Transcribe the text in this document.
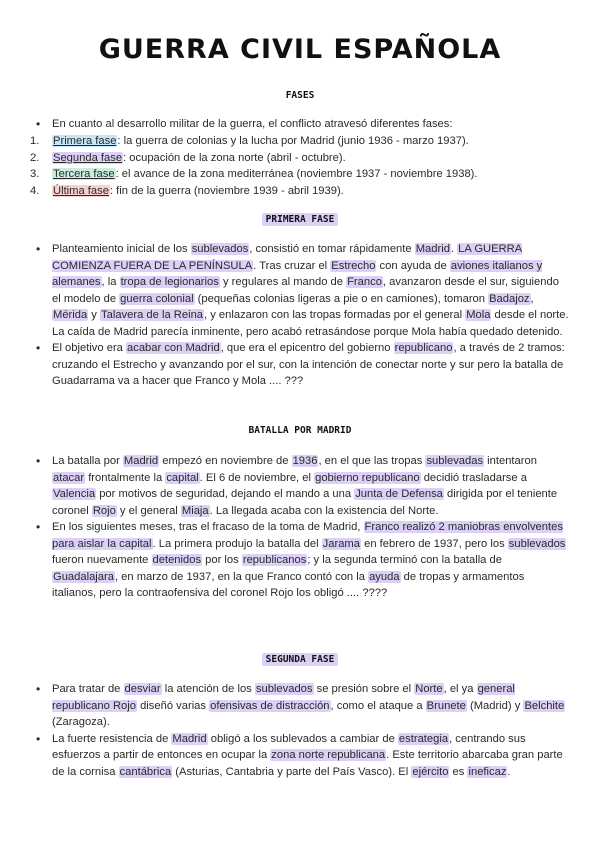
GUERRA CIVIL ESPAÑOLA
FASES
• En cuanto al desarrollo militar de la guerra, el conflicto atravesó diferentes fases:
1. Primera fase: la guerra de colonias y la lucha por Madrid (junio 1936 - marzo 1937).
2. Segunda fase: ocupación de la zona norte (abril - octubre).
3. Tercera fase: el avance de la zona mediterránea (noviembre 1937 - noviembre 1938).
4. Última fase: fin de la guerra (noviembre 1939 - abril 1939).
PRIMERA FASE
• Planteamiento inicial de los sublevados, consistió en tomar rápidamente Madrid. LA GUERRA COMIENZA FUERA DE LA PENÍNSULA. Tras cruzar el Estrecho con ayuda de aviones italianos y alemanes, la tropa de legionarios y regulares al mando de Franco, avanzaron desde el sur, siguiendo el modelo de guerra colonial (pequeñas colonias ligeras a pie o en camiones), tomaron Badajoz, Mérida y Talavera de la Reina, y enlazaron con las tropas formadas por el general Mola desde el norte. La caída de Madrid parecía inminente, pero acabó retrasándose porque Mola había quedado detenido.
• El objetivo era acabar con Madrid, que era el epicentro del gobierno republicano, a través de 2 tramos: cruzando el Estrecho y avanzando por el sur, con la intención de conectar norte y sur pero la batalla de Guadarrama va a hacer que Franco y Mola .... ???
BATALLA POR MADRID
• La batalla por Madrid empezó en noviembre de 1936, en el que las tropas sublevadas intentaron atacar frontalmente la capital. El 6 de noviembre, el gobierno republicano decidió trasladarse a Valencia por motivos de seguridad, dejando el mando a una Junta de Defensa dirigida por el teniente coronel Rojo y el general Miaja. La llegada acaba con la existencia del Norte.
• En los siguientes meses, tras el fracaso de la toma de Madrid, Franco realizó 2 maniobras envolventes para aislar la capital. La primera produjo la batalla del Jarama en febrero de 1937, pero los sublevados fueron nuevamente detenidos por los republicanos; y la segunda terminó con la batalla de Guadalajara, en marzo de 1937, en la que Franco contó con la ayuda de tropas y armamentos italianos, pero la contraofensiva del coronel Rojo los obligó .... ????
SEGUNDA FASE
• Para tratar de desviar la atención de los sublevados se presión sobre el Norte, el ya general republicano Rojo diseñó varias ofensivas de distracción, como el ataque a Brunete (Madrid) y Belchite (Zaragoza).
• La fuerte resistencia de Madrid obligó a los sublevados a cambiar de estrategia, centrando sus esfuerzos a partir de entonces en ocupar la zona norte republicana. Este territorio abarcaba gran parte de la cornisa cantábrica (Asturias, Cantabria y parte del País Vasco). El ejército es ineficaz.
